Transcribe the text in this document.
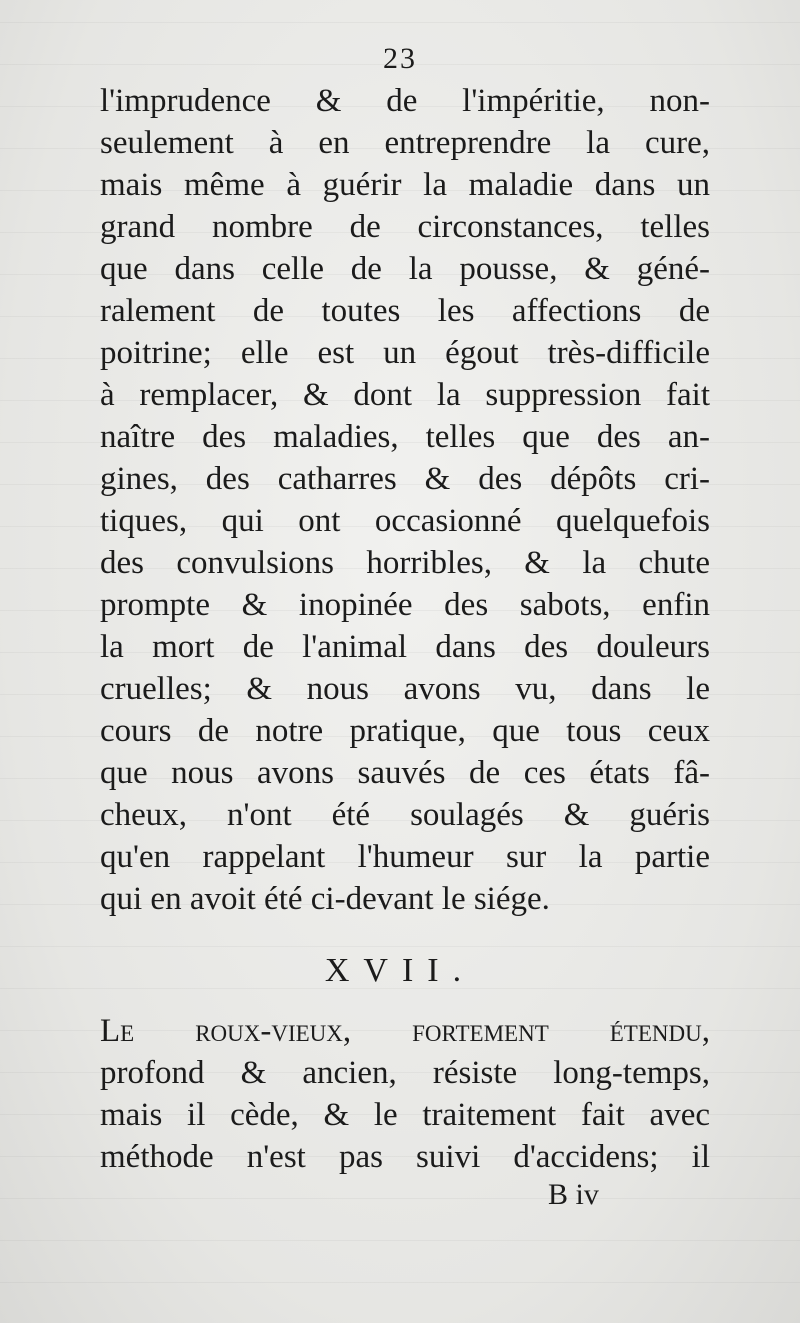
23
l'imprudence & de l'impéritie, non-
seulement à en entreprendre la cure,
mais même à guérir la maladie dans un
grand nombre de circonstances, telles
que dans celle de la pousse, & géné-
ralement de toutes les affections de
poitrine; elle est un égout très-difficile
à remplacer, & dont la suppression fait
naître des maladies, telles que des an-
gines, des catharres & des dépôts cri-
tiques, qui ont occasionné quelquefois
des convulsions horribles, & la chute
prompte & inopinée des sabots, enfin
la mort de l'animal dans des douleurs
cruelles; & nous avons vu, dans le
cours de notre pratique, que tous ceux
que nous avons sauvés de ces états fâ-
cheux, n'ont été soulagés & guéris
qu'en rappelant l'humeur sur la partie
qui en avoit été ci-devant le siége.
XVII.
Le roux-vieux, fortement étendu,
profond & ancien, résiste long-temps,
mais il cède, & le traitement fait avec
méthode n'est pas suivi d'accidens; il
B iv
